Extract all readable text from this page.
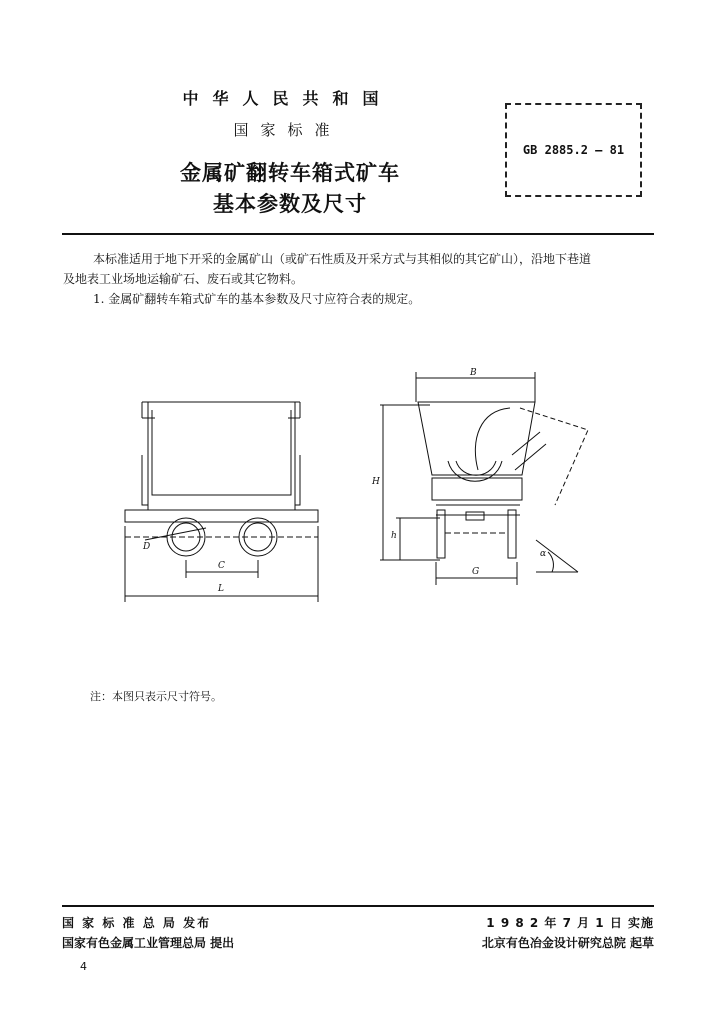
中华人民共和国
国家标准
金属矿翻转车箱式矿车
基本参数及尺寸
GB 2885.2 — 81
本标准适用于地下开采的金属矿山（或矿石性质及开采方式与其相似的其它矿山），沿地下巷道
及地表工业场地运输矿石、废石或其它物料。
1. 金属矿翻转车箱式矿车的基本参数及尺寸应符合表的规定。
D
C
L
B
H
h
G
α
注：本图只表示尺寸符号。
国 家 标 准 总 局 发布
国家有色金属工业管理总局 提出
1 9 8 2 年 7 月 1 日 实施
北京有色冶金设计研究总院 起草
4
